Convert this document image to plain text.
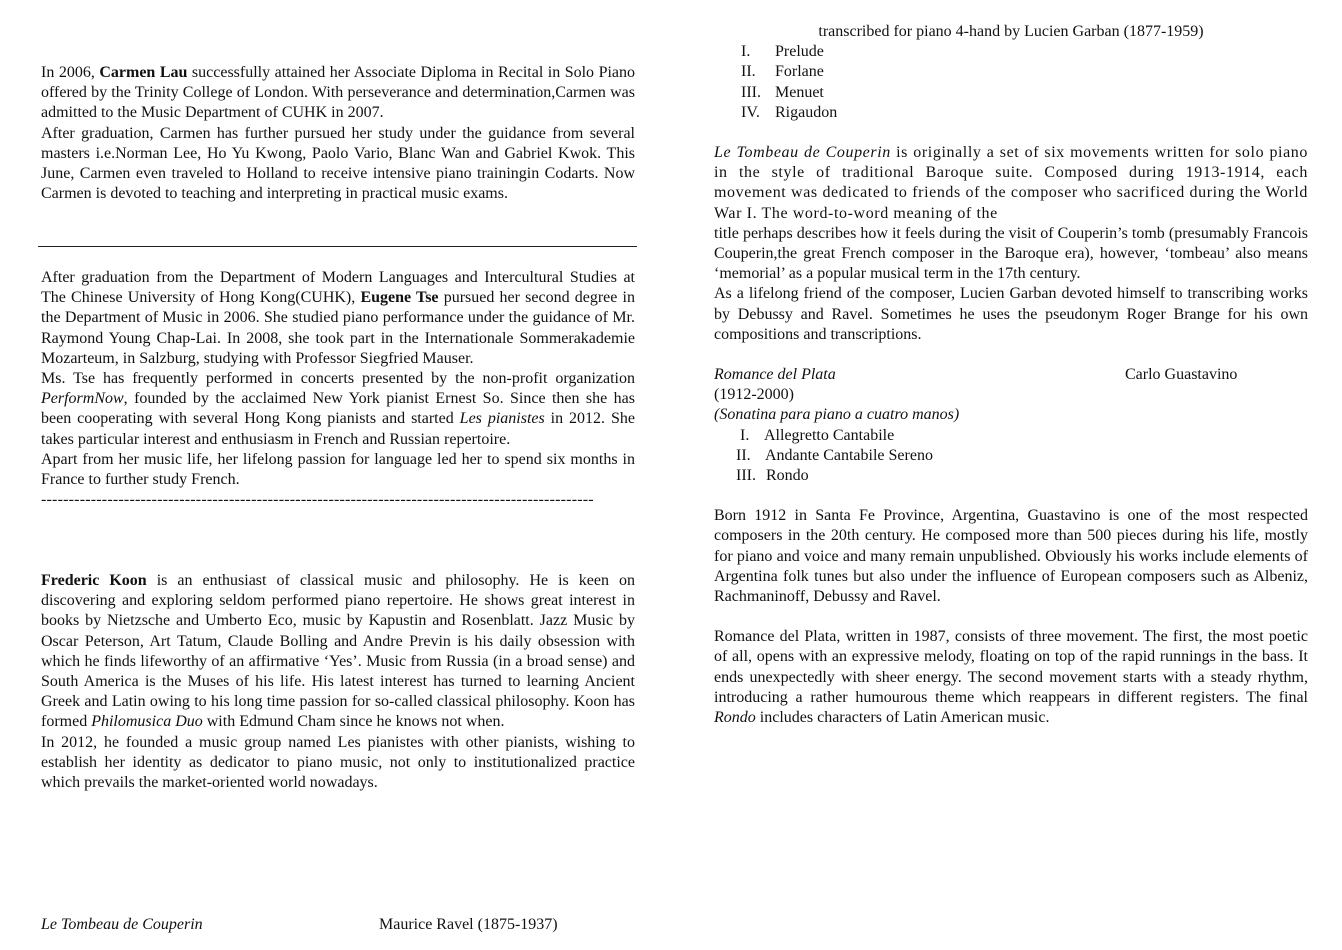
In 2006, Carmen Lau successfully attained her Associate Diploma in Recital in Solo Piano offered by the Trinity College of London. With perseverance and determination,Carmen was admitted to the Music Department of CUHK in 2007.

After graduation, Carmen has further pursued her study under the guidance from several masters i.e.Norman Lee, Ho Yu Kwong, Paolo Vario, Blanc Wan and Gabriel Kwok. This June, Carmen even traveled to Holland to receive intensive piano trainingin Codarts. Now Carmen is devoted to teaching and interpreting in practical music exams.

After graduation from the Department of Modern Languages and Intercultural Studies at The Chinese University of Hong Kong(CUHK), Eugene Tse pursued her second degree in the Department of Music in 2006. She studied piano performance under the guidance of Mr. Raymond Young Chap-Lai. In 2008, she took part in the Internationale Sommerakademie Mozarteum, in Salzburg, studying with Professor Siegfried Mauser.

Ms. Tse has frequently performed in concerts presented by the non-profit organization PerformNow, founded by the acclaimed New York pianist Ernest So. Since then she has been cooperating with several Hong Kong pianists and started Les pianistes in 2012. She takes particular interest and enthusiasm in French and Russian repertoire.

Apart from her music life, her lifelong passion for language led her to spend six months in France to further study French.

----------------------------------------------------------------------------------------------------

Frederic Koon is an enthusiast of classical music and philosophy. He is keen on discovering and exploring seldom performed piano repertoire. He shows great interest in books by Nietzsche and Umberto Eco, music by Kapustin and Rosenblatt. Jazz Music by Oscar Peterson, Art Tatum, Claude Bolling and Andre Previn is his daily obsession with which he finds lifeworthy of an affirmative ‘Yes’. Music from Russia (in a broad sense) and South America is the Muses of his life. His latest interest has turned to learning Ancient Greek and Latin owing to his long time passion for so-called classical philosophy. Koon has formed Philomusica Duo with Edmund Cham since he knows not when.

In 2012, he founded a music group named Les pianistes with other pianists, wishing to establish her identity as dedicator to piano music, not only to institutionalized practice which prevails the market-oriented world nowadays.

Le Tombeau de Couperin	Maurice Ravel (1875-1937)

transcribed for piano 4-hand by Lucien Garban (1877-1959)

I. Prelude
II. Forlane
III. Menuet
IV. Rigaudon

Le Tombeau de Couperin is originally a set of six movements written for solo piano in the style of traditional Baroque suite. Composed during 1913-1914, each movement was dedicated to friends of the composer who sacrificed during the World War I. The word-to-word meaning of the

title perhaps describes how it feels during the visit of Couperin’s tomb (presumably Francois Couperin,the great French composer in the Baroque era), however, ‘tombeau’ also means ‘memorial’ as a popular musical term in the 17th century.

As a lifelong friend of the composer, Lucien Garban devoted himself to transcribing works by Debussy and Ravel. Sometimes he uses the pseudonym Roger Brange for his own compositions and transcriptions.

Romance del Plata	Carlo Guastavino
(1912-2000)
(Sonatina para piano a cuatro manos)
I. Allegretto Cantabile
II. Andante Cantabile Sereno
III. Rondo

Born 1912 in Santa Fe Province, Argentina, Guastavino is one of the most respected composers in the 20th century. He composed more than 500 pieces during his life, mostly for piano and voice and many remain unpublished. Obviously his works include elements of Argentina folk tunes but also under the influence of European composers such as Albeniz, Rachmaninoff, Debussy and Ravel.

Romance del Plata, written in 1987, consists of three movement. The first, the most poetic of all, opens with an expressive melody, floating on top of the rapid runnings in the bass. It ends unexpectedly with sheer energy. The second movement starts with a steady rhythm, introducing a rather humourous theme which reappears in different registers. The final Rondo includes characters of Latin American music.
